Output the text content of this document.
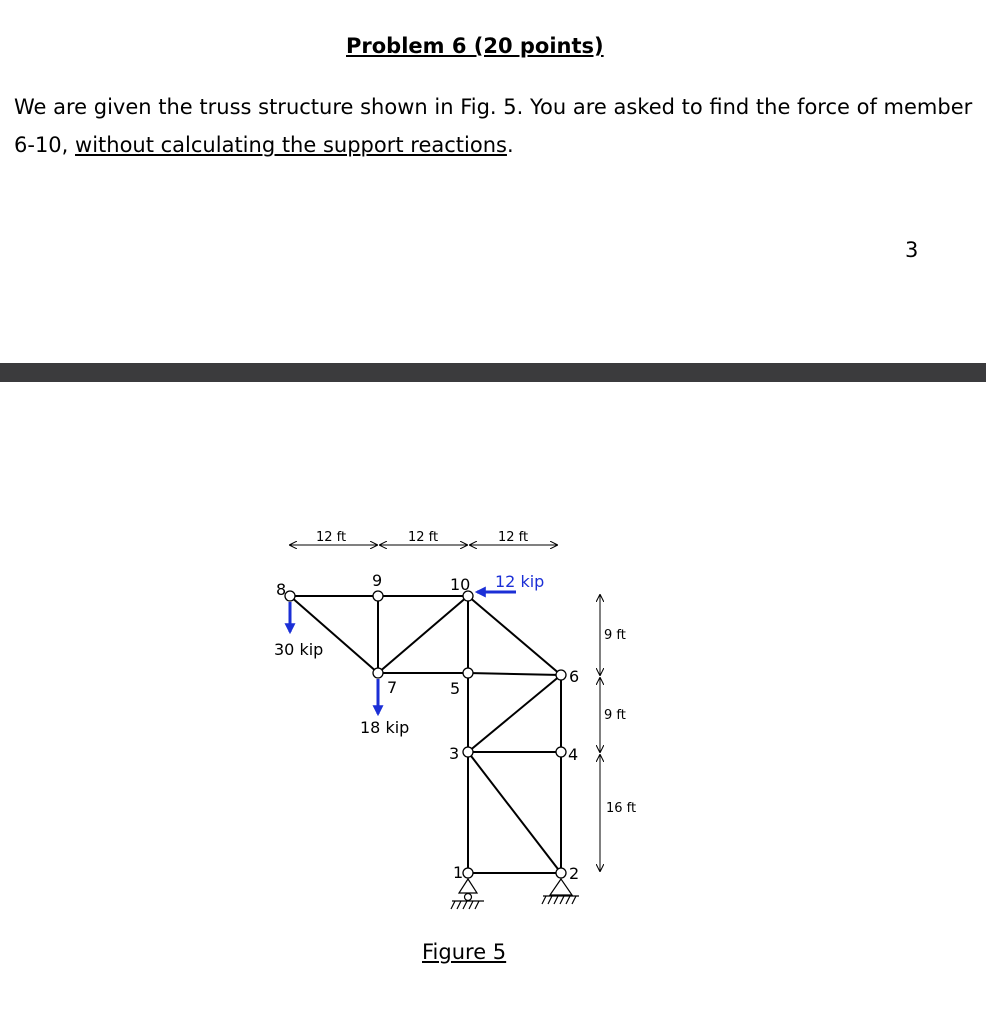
Problem 6 (20 points)
We are given the truss structure shown in Fig. 5. You are asked to find the force of member 6-10, without calculating the support reactions.
3
12 ft	12 ft	12 ft
9 ft
9 ft
16 ft
8	9	10
7	5
6
3	4
1	2
30 kip
18 kip
12 kip
Figure 5
